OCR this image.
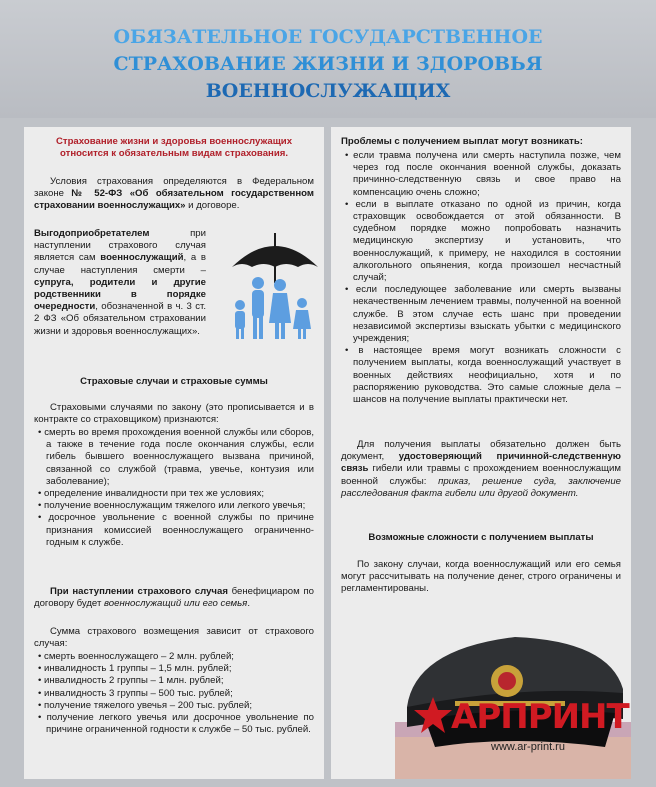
ОБЯЗАТЕЛЬНОЕ ГОСУДАРСТВЕННОЕ
СТРАХОВАНИЕ ЖИЗНИ И ЗДОРОВЬЯ
ВОЕННОСЛУЖАЩИХ

Страхование жизни и здоровья военнослужащих относится к обязательным видам страхования.

Условия страхования определяются в Федеральном законе № 52-ФЗ «Об обязательном государственном страховании военнослужащих» и договоре.

Выгодоприобретателем при наступлении страхового случая является сам военнослужащий, а в случае наступления смерти – супруга, родители и другие родственники в порядке очередности, обозначенной в ч. 3 ст. 2 ФЗ «Об обязательном страховании жизни и здоровья военнослужащих».

Страховые случаи и страховые суммы

Страховыми случаями по закону (это прописывается и в контракте со страховщиком) признаются:

• смерть во время прохождения военной службы или сборов, а также в течение года после окончания службы, если гибель бывшего военнослужащего вызвана причиной, связанной со службой (травма, увечье, контузия или заболевание);
• определение инвалидности при тех же условиях;
• получение военнослужащим тяжелого или легкого увечья;
• досрочное увольнение с военной службы по причине признания комиссией военнослужащего ограниченно-годным к службе.

При наступлении страхового случая бенефициаром по договору будет военнослужащий или его семья.

Сумма страхового возмещения зависит от страхового случая:

• смерть военнослужащего – 2 млн. рублей;
• инвалидность 1 группы – 1,5 млн. рублей;
• инвалидность 2 группы – 1 млн. рублей;
• инвалидность 3 группы – 500 тыс. рублей;
• получение тяжелого увечья – 200 тыс. рублей;
• получение легкого увечья или досрочное увольнение по причине ограниченной годности к службе – 50 тыс. рублей.

Проблемы с получением выплат могут возникать:

• если травма получена или смерть наступила позже, чем через год после окончания военной службы, доказать причинно-следственную связь и свое право на компенсацию очень сложно;
• если в выплате отказано по одной из причин, когда страховщик освобождается от этой обязанности. В судебном порядке можно попробовать назначить медицинскую экспертизу и установить, что военнослужащий, к примеру, не находился в состоянии алкогольного опьянения, когда произошел несчастный случай;
• если последующее заболевание или смерть вызваны некачественным лечением травмы, полученной на военной службе. В этом случае есть шанс при проведении независимой экспертизы взыскать убытки с медицинского учреждения;
• в настоящее время могут возникать сложности с получением выплаты, когда военнослужащий участвует в военных действиях неофициально, хотя и по распоряжению руководства. Это самые сложные дела – шансов на получение выплаты практически нет.

Для получения выплаты обязательно должен быть документ, удостоверяющий причинной-следственную связь гибели или травмы с прохождением военнослужащим военной службы: приказ, решение суда, заключение расследования факта гибели или другой документ.

Возможные сложности с получением выплаты

По закону случаи, когда военнослужащий или его семья могут рассчитывать на получение денег, строго ограничены и регламентированы.

АРПРИНТ
www.ar-print.ru
